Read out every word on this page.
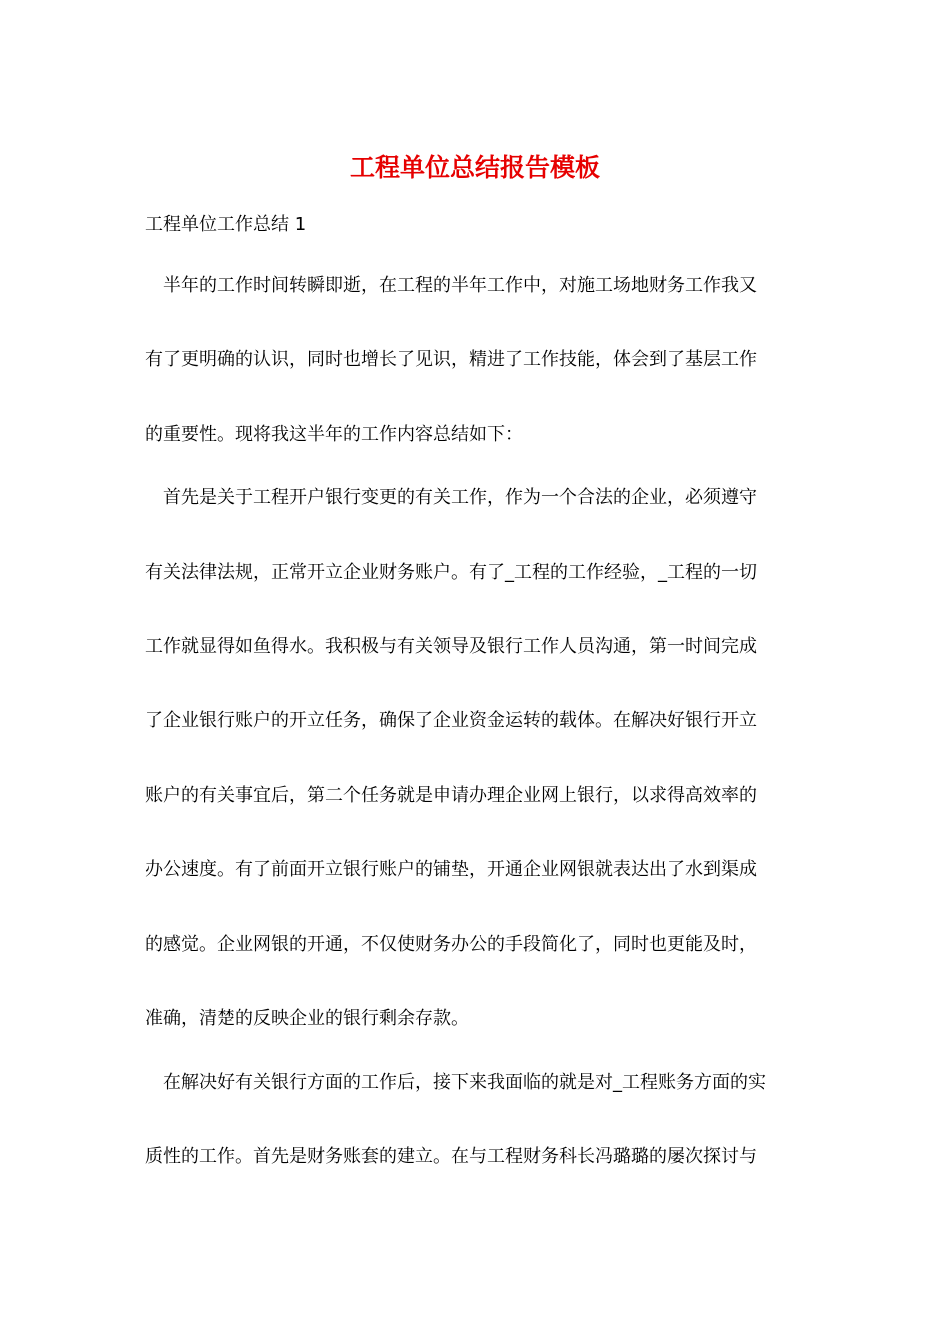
工程单位总结报告模板
工程单位工作总结 1
　半年的工作时间转瞬即逝，在工程的半年工作中，对施工场地财务工作我又
有了更明确的认识，同时也增长了见识，精进了工作技能，体会到了基层工作
的重要性。现将我这半年的工作内容总结如下：
　首先是关于工程开户银行变更的有关工作，作为一个合法的企业，必须遵守
有关法律法规，正常开立企业财务账户。有了_工程的工作经验，_工程的一切
工作就显得如鱼得水。我积极与有关领导及银行工作人员沟通，第一时间完成
了企业银行账户的开立任务，确保了企业资金运转的载体。在解决好银行开立
账户的有关事宜后，第二个任务就是申请办理企业网上银行，以求得高效率的
办公速度。有了前面开立银行账户的铺垫，开通企业网银就表达出了水到渠成
的感觉。企业网银的开通，不仅使财务办公的手段简化了，同时也更能及时，
准确，清楚的反映企业的银行剩余存款。
　在解决好有关银行方面的工作后，接下来我面临的就是对_工程账务方面的实
质性的工作。首先是财务账套的建立。在与工程财务科长冯璐璐的屡次探讨与
